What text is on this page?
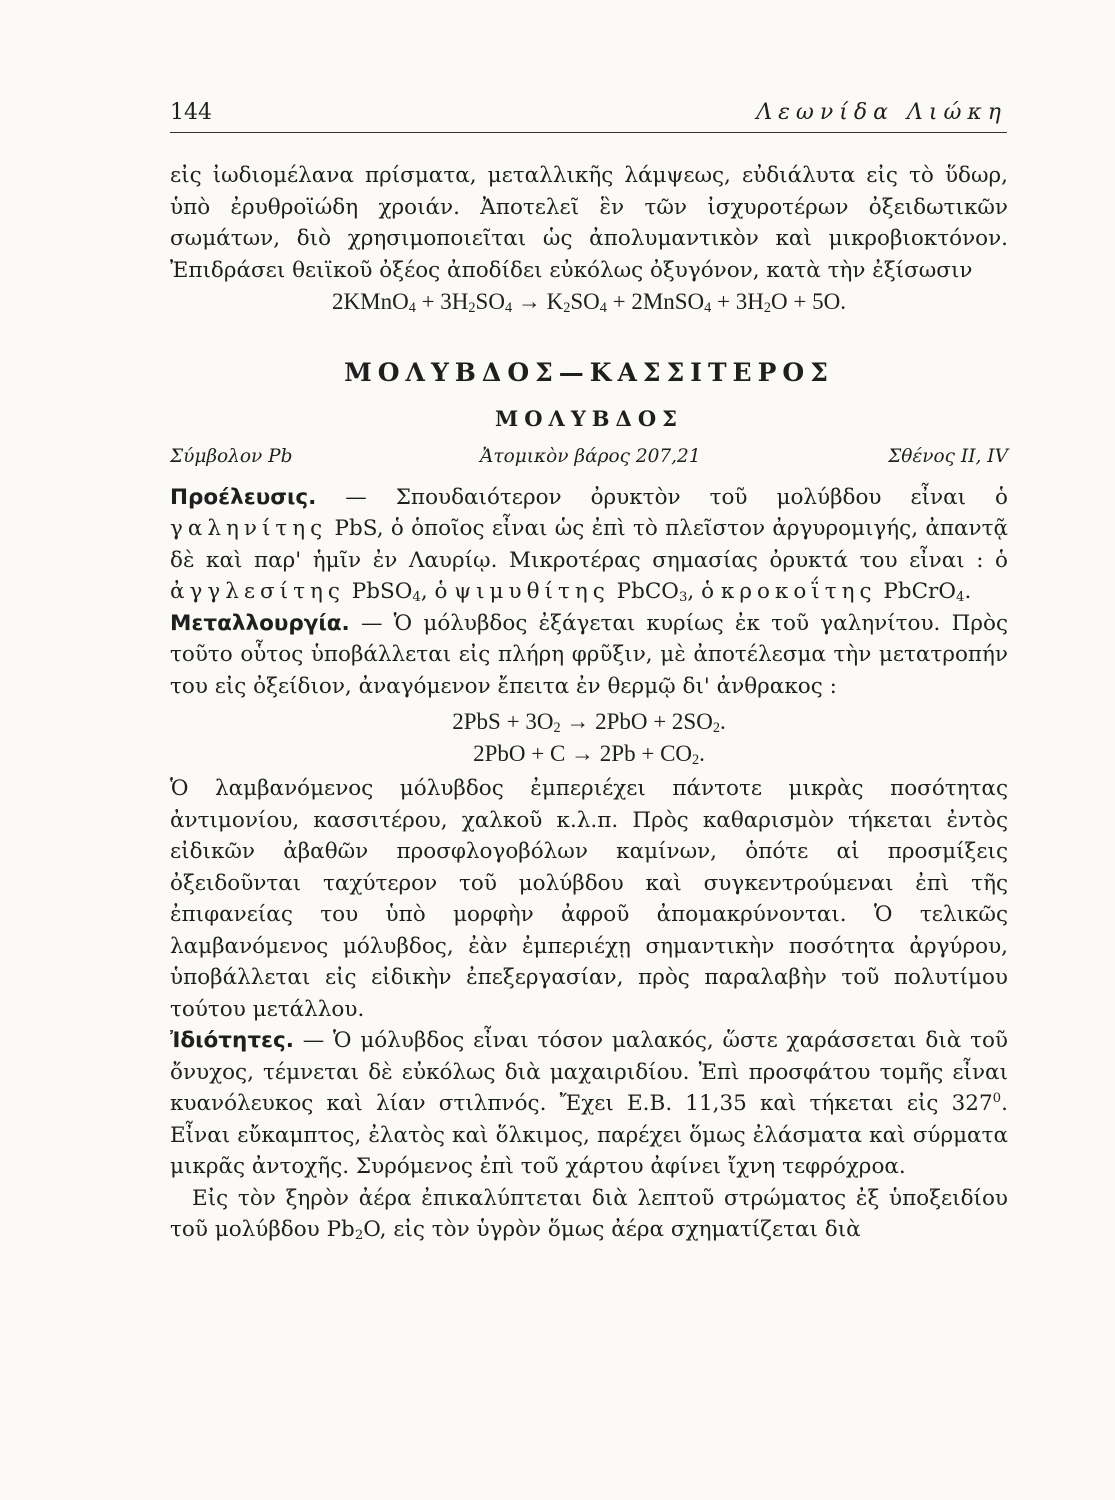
144	Λεωνίδα Λιώκη

εἰς ἰωδιομέλανα πρίσματα, μεταλλικῆς λάμψεως, εὐδιάλυτα εἰς τὸ ὕδωρ, ὑπὸ ἐρυθροϊώδη χροιάν. Ἀποτελεῖ ἓν τῶν ἰσχυροτέρων ὀξειδωτικῶν σωμάτων, διὸ χρησιμοποιεῖται ὡς ἀπολυμαντικὸν καὶ μικροβιοκτόνον. Ἐπιδράσει θειϊκοῦ ὀξέος ἀποδίδει εὐκόλως ὀξυγόνον, κατὰ τὴν ἐξίσωσιν

2KMnO$_4$ + $3H_2SO_4 \to K_2SO_4$ + 2MnSO$_4$ + $3H_2O + 5O$.

ΜΟΛΥΒΔΟΣ—ΚΑΣΣΙΤΕΡΟΣ
ΜΟΛΥΒΔΟΣ
Σύμβολον Pb	Ἀτομικὸν βάρος 207,21	Σθένος II, IV

Προέλευσις. — Σπουδαιότερον ὀρυκτὸν τοῦ μολύβδου εἶναι ὁ γαληνίτης PbS, ὁ ὁποῖος εἶναι ὡς ἐπὶ τὸ πλεῖστον ἀργυρομιγής, ἀπαντᾷ δὲ καὶ παρ' ἡμῖν ἐν Λαυρίῳ. Μικροτέρας σημασίας ὀρυκτά του εἶναι : ὁ ἀγγλεσίτης PbSO$_4$, ὁ ψιμυθίτης PbCO$_3$, ὁ κροκοΐτης PbCrO$_4$.

Μεταλλουργία. — Ὁ μόλυβδος ἐξάγεται κυρίως ἐκ τοῦ γαληνίτου. Πρὸς τοῦτο οὗτος ὑποβάλλεται εἰς πλήρη φρῦξιν, μὲ ἀποτέλεσμα τὴν μετατροπήν του εἰς ὀξείδιον, ἀναγόμενον ἔπειτα ἐν θερμῷ δι' ἀνθρακος :

$2PbS + 3O_2 \to 2PbO + 2SO_2$.

$2PbO + C \to 2Pb + CO_2$.

Ὁ λαμβανόμενος μόλυβδος ἐμπεριέχει πάντοτε μικρὰς ποσότητας ἀντιμονίου, κασσιτέρου, χαλκοῦ κ.λ.π. Πρὸς καθαρισμὸν τήκεται ἐντὸς εἰδικῶν ἀβαθῶν προσφλογοβόλων καμίνων, ὁπότε αἱ προσμίξεις ὀξειδοῦνται ταχύτερον τοῦ μολύβδου καὶ συγκεντρούμεναι ἐπὶ τῆς ἐπιφανείας του ὑπὸ μορφὴν ἀφροῦ ἀπομακρύνονται. Ὁ τελικῶς λαμβανόμενος μόλυβδος, ἐὰν ἐμπεριέχῃ σημαντικὴν ποσότητα ἀργύρου, ὑποβάλλεται εἰς εἰδικὴν ἐπεξεργασίαν, πρὸς παραλαβὴν τοῦ πολυτίμου τούτου μετάλλου.

Ἰδιότητες. — Ὁ μόλυβδος εἶναι τόσον μαλακός, ὥστε χαράσσεται διὰ τοῦ ὄνυχος, τέμνεται δὲ εὐκόλως διὰ μαχαιριδίου. Ἐπὶ προσφάτου τομῆς εἶναι κυανόλευκος καὶ λίαν στιλπνός. Ἔχει Ε.Β. 11,35 καὶ τήκεται εἰς $327^0$. Εἶναι εὔκαμπτος, ἐλατὸς καὶ ὅλκιμος, παρέχει ὅμως ἐλάσματα καὶ σύρματα μικρᾶς ἀντοχῆς. Συρόμενος ἐπὶ τοῦ χάρτου ἀφίνει ἴχνη τεφρόχροα.

Εἰς τὸν ξηρὸν ἀέρα ἐπικαλύπτεται διὰ λεπτοῦ στρώματος ἐξ ὑποξειδίου τοῦ μολύβδου $Pb_2O$, εἰς τὸν ὑγρὸν ὅμως ἀέρα σχηματίζεται διὰ
